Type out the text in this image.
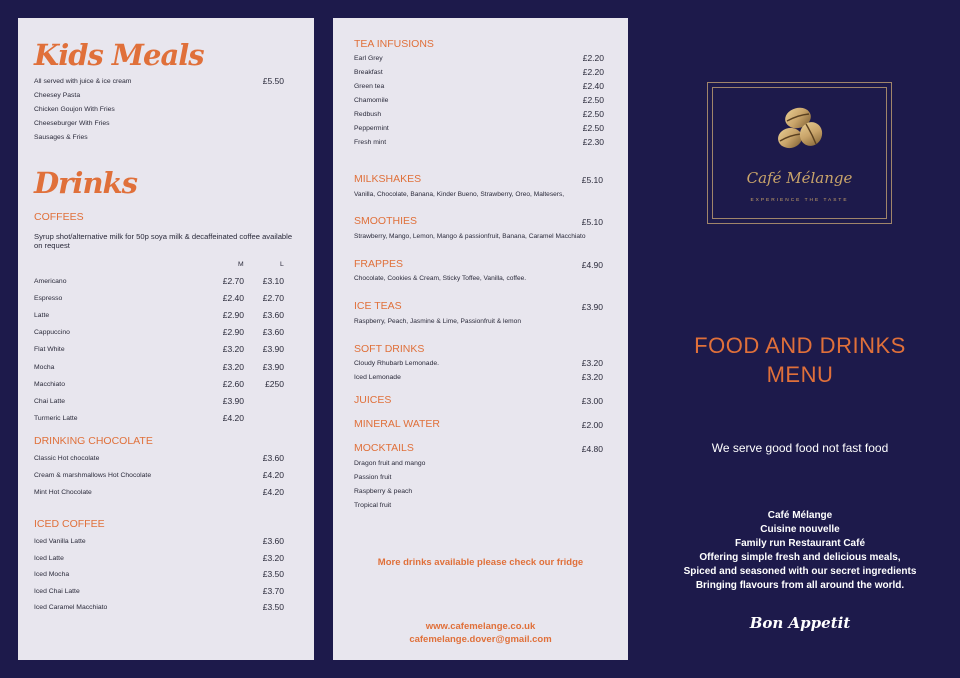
Kids Meals
All served with juice & ice cream	£5.50
Cheesey Pasta
Chicken Goujon With Fries
Cheeseburger With Fries
Sausages & Fries
Drinks
COFFEES
Syrup shot/alternative milk for 50p soya milk & decaffeinated coffee available on request
M	L
Americano	£2.70	£3.10
Espresso	£2.40	£2.70
Latte	£2.90	£3.60
Cappuccino	£2.90	£3.60
Flat White	£3.20	£3.90
Mocha	£3.20	£3.90
Macchiato	£2.60	£250
Chai Latte	£3.90
Turmeric Latte	£4.20
DRINKING CHOCOLATE
Classic Hot chocolate	£3.60
Cream & marshmallows Hot Chocolate	£4.20
Mint Hot Chocolate	£4.20
ICED COFFEE
Iced Vanilla Latte	£3.60
Iced Latte	£3.20
Iced Mocha	£3.50
Iced Chai Latte	£3.70
Iced Caramel Macchiato	£3.50
TEA INFUSIONS
Earl Grey	£2.20
Breakfast	£2.20
Green tea	£2.40
Chamomile	£2.50
Redbush	£2.50
Peppermint	£2.50
Fresh mint	£2.30
MILKSHAKES	£5.10
Vanilla, Chocolate, Banana, Kinder Bueno, Strawberry, Oreo, Maltesers,
SMOOTHIES	£5.10
Strawberry, Mango, Lemon, Mango & passionfruit, Banana, Caramel Macchiato
FRAPPES	£4.90
Chocolate, Cookies & Cream, Sticky Toffee, Vanilla, coffee.
ICE TEAS	£3.90
Raspberry, Peach, Jasmine & Lime, Passionfruit & lemon
SOFT DRINKS
Cloudy Rhubarb Lemonade.	£3.20
Iced Lemonade	£3.20
JUICES	£3.00
MINERAL WATER	£2.00
MOCKTAILS	£4.80
Dragon fruit and mango
Passion fruit
Raspberry & peach
Tropical fruit
More drinks available please check our fridge
www.cafemelange.co.uk
cafemelange.dover@gmail.com
Café Mélange
EXPERIENCE THE TASTE
FOOD AND DRINKS
MENU
We serve good food not fast food
Café Mélange
Cuisine nouvelle
Family run Restaurant Café
Offering simple fresh and delicious meals,
Spiced and seasoned with our secret ingredients
Bringing flavours from all around the world.
Bon Appetit
